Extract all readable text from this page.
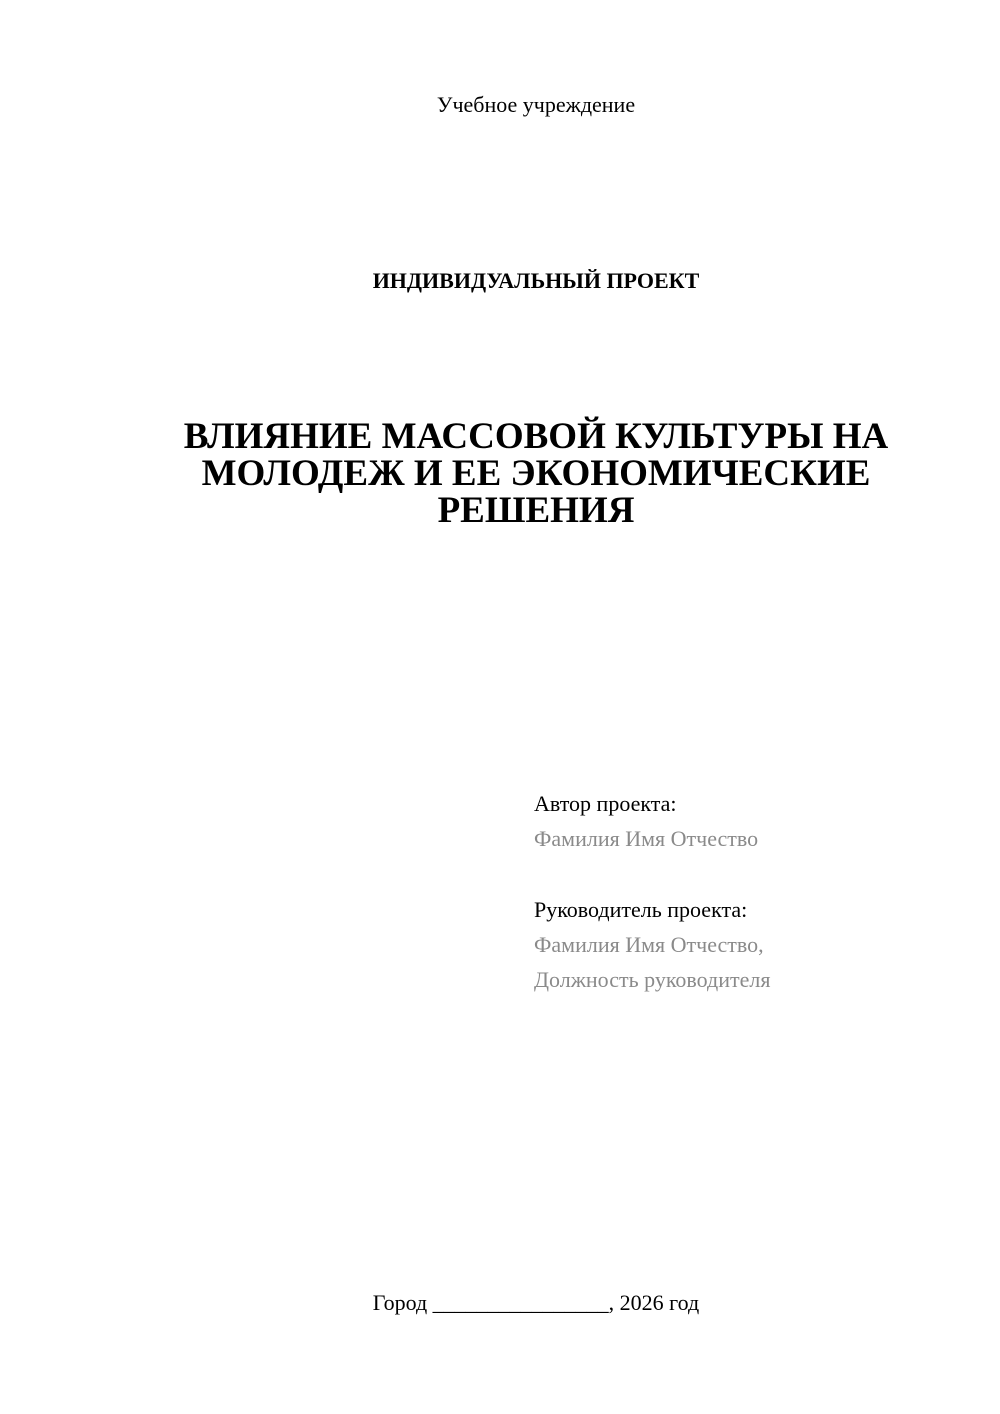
Учебное учреждение
ИНДИВИДУАЛЬНЫЙ ПРОЕКТ
ВЛИЯНИЕ МАССОВОЙ КУЛЬТУРЫ НА
МОЛОДЕЖ И ЕЕ ЭКОНОМИЧЕСКИЕ
РЕШЕНИЯ
Автор проекта:
Фамилия Имя Отчество
Руководитель проекта:
Фамилия Имя Отчество,
Должность руководителя
Город ________________, 2026 год
